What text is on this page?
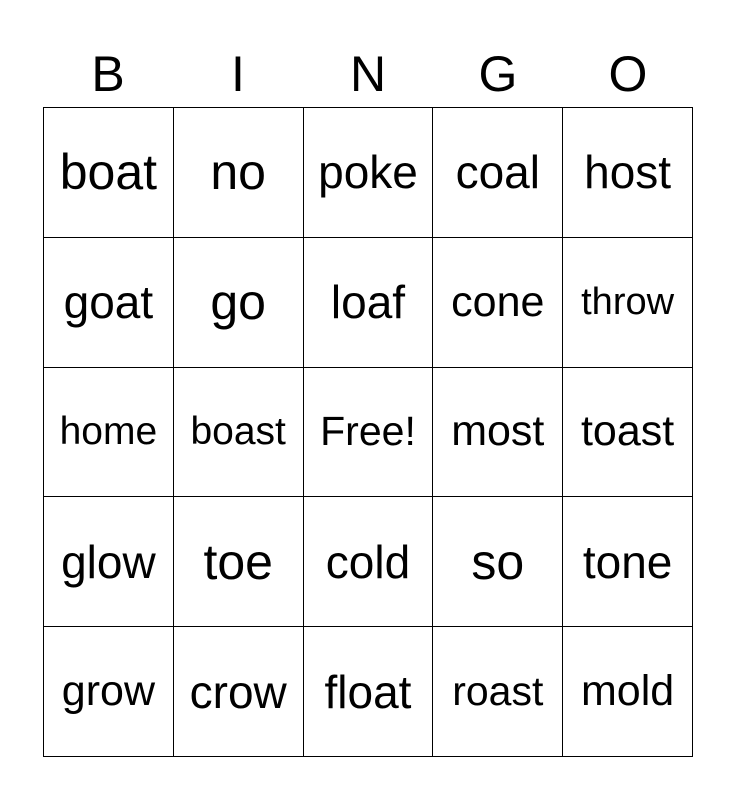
B	I	N	G	O
boat	no	poke coal host
goat	go	loaf	cone throw
home boast Free! most toast
glow toe	cold	so	tone
grow crow float roast mold
